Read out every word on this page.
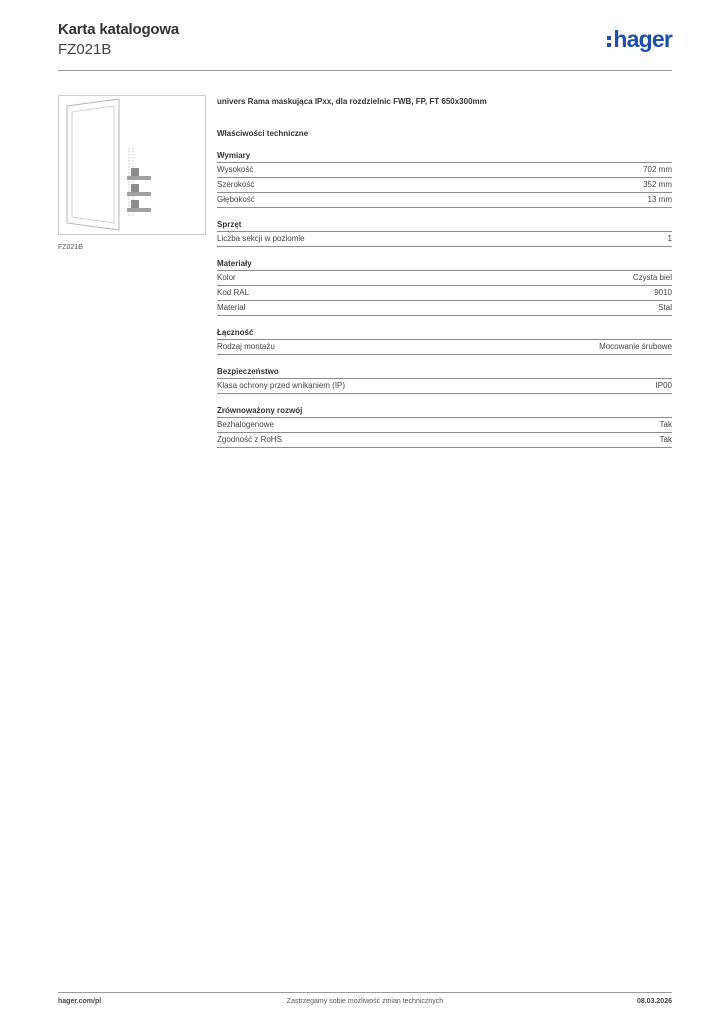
Karta katalogowa
FZ021B	hager
FZ021B
univers Rama maskująca IPxx, dla rozdzielnic FWB, FP, FT 650x300mm
Właściwości techniczne
Wymiary
Wysokość	702 mm
Szerokość	352 mm
Głębokość	13 mm
Sprzęt
Liczba sekcji w poziomie	1
Materiały
Kolor	Czysta biel
Kod RAL	9010
Materiał	Stal
Łączność
Rodzaj montażu	Mocowanie śrubowe
Bezpieczeństwo
Klasa ochrony przed wnikaniem (IP)	IP00
Zrównoważony rozwój
Bezhalogenowe	Tak
Zgodność z RoHS	Tak
hager.com/pl	Zastrzegamy sobie możliwość zmian technicznych	08.03.2026
